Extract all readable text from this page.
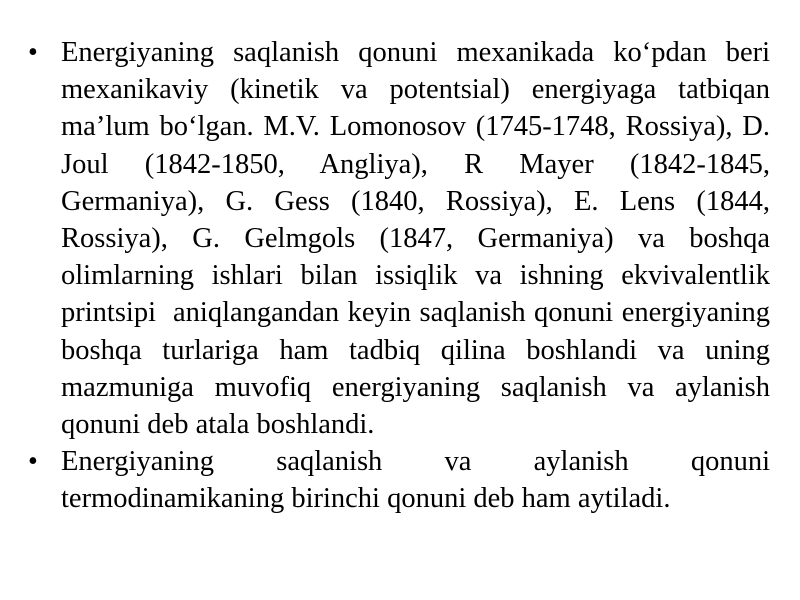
• Energiyaning saqlanish qonuni mexanikada ko‘pdan beri mexanikaviy (kinetik va potentsial) energiyaga tatbiqan ma’lum bo‘lgan. M.V. Lomonosov (1745-1748, Rossiya), D. Joul (1842-1850, Angliya), R Mayer (1842-1845, Germaniya), G. Gess (1840, Rossiya), E. Lens (1844, Rossiya), G. Gelmgols (1847, Germaniya) va boshqa olimlarning ishlari bilan issiqlik va ishning ekvivalentlik printsipi  aniqlangandan keyin saqlanish qonuni energiyaning boshqa turlariga ham tadbiq qilina boshlandi va uning mazmuniga muvofiq energiyaning saqlanish va aylanish qonuni deb atala boshlandi.
• Energiyaning saqlanish va aylanish qonuni termodinamikaning birinchi qonuni deb ham aytiladi.
